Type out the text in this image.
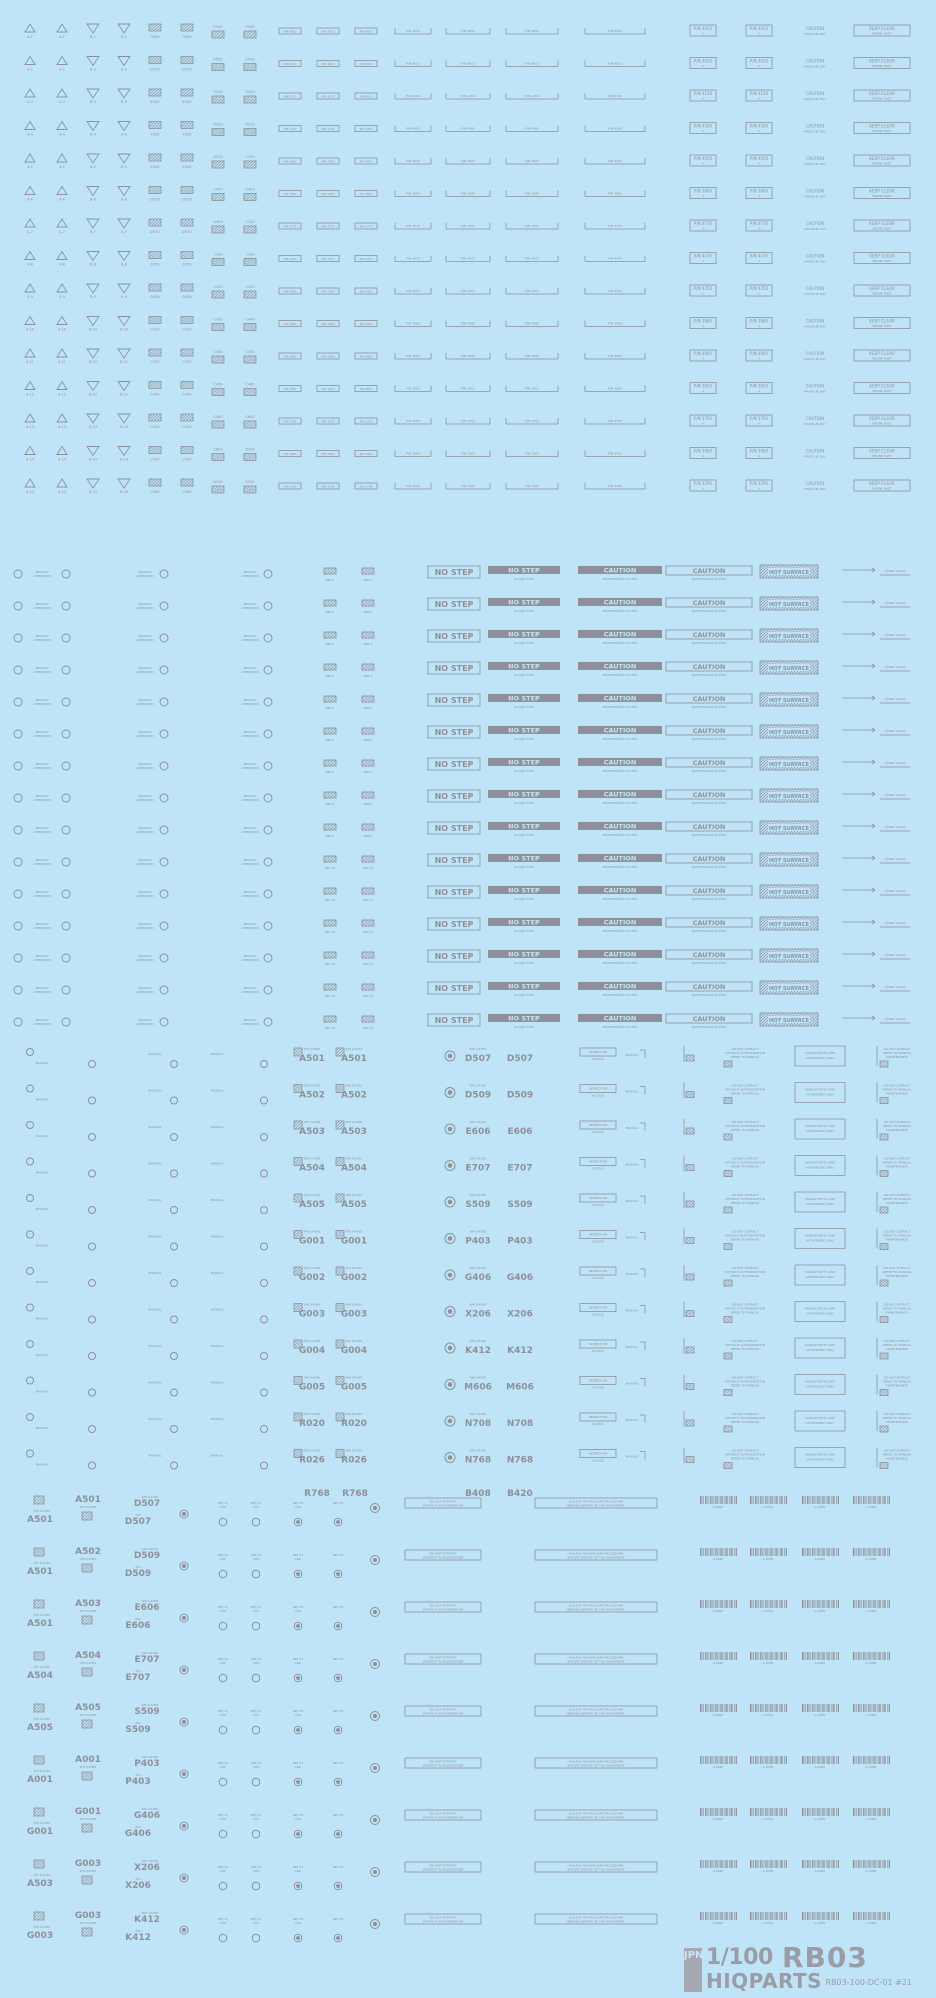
A-1	A-1	B-1	B-1	C600	C600
E520	F550
P/N 4050	P/N 4050	P/N 4050	P/N 4050	P/N 4050	P/N 4050	P/N 4050	P/N 4050
A
P/N 4050
A
CAUTION
MAIN ELEC BAY
KEEP CLEAR
ENGINE INLET
A-2	A-2	B-2	B-2	D530	D530
F550	E540
P/N 4010	P/N 4010	P/N 4010	P/N 4010	P/N 4010	P/N 4010	P/N 4010	P/N 4010
A
P/N 4010
A
CAUTION
MAIN ELEC BAY
KEEP CLEAR
ENGINE INLET
A-3	A-3	B-3	B-3	E520	E520
E540	D520
P/N 4150	P/N 4150	P/N 4150	P/N 4150	P/N 4150	P/N 4150	P/N 4150	P/N 4150
A
P/N 4150
A
CAUTION
MAIN ELEC BAY
KEEP CLEAR
ENGINE INLET
A-4	A-4	B-4	B-4	F550	F550
D520	D510
P/N 4300	P/N 4300	P/N 4300	P/N 4300	P/N 4300	P/N 4300	P/N 4300	P/N 4300
A
P/N 4300
A
CAUTION
MAIN ELEC BAY
KEEP CLEAR
ENGINE INLET
A-5	A-5	B-5	B-5	E540	E540
D510	C550
P/N 4020	P/N 4020	P/N 4020	P/N 4020	P/N 4020	P/N 4020	P/N 4020	P/N 4020
A
P/N 4020
A
CAUTION
MAIN ELEC BAY
KEEP CLEAR
ENGINE INLET
A-6	A-6	B-6	B-6	D520	D520
C550	D400
P/N 3800	P/N 3800	P/N 3800	P/N 3800	P/N 3800	P/N 3800	P/N 3800	P/N 3800
A
P/N 3800
A
CAUTION
MAIN ELEC BAY
KEEP CLEAR
ENGINE INLET
A-7	A-7	B-7	B-7	D510	D510
D400	C410
P/N 3770	P/N 3770	P/N 3770	P/N 3770	P/N 3770	P/N 3770	P/N 3770	P/N 3770
A
P/N 3770
A
CAUTION
MAIN ELEC BAY
KEEP CLEAR
ENGINE INLET
A-8	A-8	B-8	B-8	C550	C550
C410	C420
P/N 4470	P/N 4470	P/N 4470	P/N 4470	P/N 4470	P/N 4470	P/N 4470	P/N 4470
A
P/N 4470
A
CAUTION
MAIN ELEC BAY
KEEP CLEAR
ENGINE INLET
A-9	A-9	B-9	B-9	D400	D400
C420	C430
P/N 4350	P/N 4350	P/N 4350	P/N 4350	P/N 4350	P/N 4350	P/N 4350	P/N 4350
A
P/N 4350
A
CAUTION
MAIN ELEC BAY
KEEP CLEAR
ENGINE INLET
A-10	A-10	B-10	B-10	C410	C410
C430	C440
P/N 3980	P/N 3980	P/N 3980	P/N 3980	P/N 3980	P/N 3980	P/N 3980	P/N 3980
A
P/N 3980
A
CAUTION
MAIN ELEC BAY
KEEP CLEAR
ENGINE INLET
A-11	A-11	B-11	B-11	C420	C420
C440	C450
P/N 4060	P/N 4060	P/N 4060	P/N 4060	P/N 4060	P/N 4060	P/N 4060	P/N 4060
A
P/N 4060
A
CAUTION
MAIN ELEC BAY
KEEP CLEAR
ENGINE INLET
A-12	A-12	B-12	B-12	C430	C430
C450	C460
P/N 3850	P/N 3850	P/N 3850	P/N 3850	P/N 3850	P/N 3850	P/N 3850	P/N 3850
A
P/N 3850
A
CAUTION
MAIN ELEC BAY
KEEP CLEAR
ENGINE INLET
A-13	A-13	B-13	B-13	C440	C440
C460	C600
P/N 3750	P/N 3750	P/N 3750	P/N 3750	P/N 3750	P/N 3750	P/N 3750	P/N 3750
A
P/N 3750
A
CAUTION
MAIN ELEC BAY
KEEP CLEAR
ENGINE INLET
A-14	A-14	B-14	B-14	C450	C450
C600	D530
P/N 3960	P/N 3960	P/N 3960	P/N 3960	P/N 3960	P/N 3960	P/N 3960	P/N 3960
A
P/N 3960
A
CAUTION
MAIN ELEC BAY
KEEP CLEAR
ENGINE INLET
A-15	A-15	B-15	B-15	C460	C460
D530	E520
P/N 3790	P/N 3790	P/N 3790	P/N 3790	P/N 3790	P/N 3790	P/N 3790	P/N 3790
A
P/N 3790
A
CAUTION
MAIN ELEC BAY
KEEP CLEAR
ENGINE INLET
MANUAL
OPERATION
MANUAL
OPERATION
MANUAL
OPERATION
REF-1	REF-1
NO STEP	NO STEP
DO NOT STEP
CAUTION
MAINTENANCE ACCESS
CAUTION
MAINTENANCE ACCESS
HOT SURFACE	STAND CLEAR
MANUAL
OPERATION
MANUAL
OPERATION
MANUAL
OPERATION
REF-2	REF-2
NO STEP	NO STEP
DO NOT STEP
CAUTION
MAINTENANCE ACCESS
CAUTION
MAINTENANCE ACCESS
HOT SURFACE	STAND CLEAR
MANUAL
OPERATION
MANUAL
OPERATION
MANUAL
OPERATION
REF-3	REF-3
NO STEP	NO STEP
DO NOT STEP
CAUTION
MAINTENANCE ACCESS
CAUTION
MAINTENANCE ACCESS
HOT SURFACE	STAND CLEAR
MANUAL
OPERATION
MANUAL
OPERATION
MANUAL
OPERATION
REF-4	REF-4
NO STEP	NO STEP
DO NOT STEP
CAUTION
MAINTENANCE ACCESS
CAUTION
MAINTENANCE ACCESS
HOT SURFACE	STAND CLEAR
MANUAL
OPERATION
MANUAL
OPERATION
MANUAL
OPERATION
REF-5	REF-5
NO STEP	NO STEP
DO NOT STEP
CAUTION
MAINTENANCE ACCESS
CAUTION
MAINTENANCE ACCESS
HOT SURFACE	STAND CLEAR
MANUAL
OPERATION
MANUAL
OPERATION
MANUAL
OPERATION
REF-6	REF-6
NO STEP	NO STEP
DO NOT STEP
CAUTION
MAINTENANCE ACCESS
CAUTION
MAINTENANCE ACCESS
HOT SURFACE	STAND CLEAR
MANUAL
OPERATION
MANUAL
OPERATION
MANUAL
OPERATION
REF-7	REF-7
NO STEP	NO STEP
DO NOT STEP
CAUTION
MAINTENANCE ACCESS
CAUTION
MAINTENANCE ACCESS
HOT SURFACE	STAND CLEAR
MANUAL
OPERATION
MANUAL
OPERATION
MANUAL
OPERATION
REF-8	REF-8
NO STEP	NO STEP
DO NOT STEP
CAUTION
MAINTENANCE ACCESS
CAUTION
MAINTENANCE ACCESS
HOT SURFACE	STAND CLEAR
MANUAL
OPERATION
MANUAL
OPERATION
MANUAL
OPERATION
REF-9	REF-9
NO STEP	NO STEP
DO NOT STEP
CAUTION
MAINTENANCE ACCESS
CAUTION
MAINTENANCE ACCESS
HOT SURFACE	STAND CLEAR
MANUAL
OPERATION
MANUAL
OPERATION
MANUAL
OPERATION
REF-10	REF-10
NO STEP	NO STEP
DO NOT STEP
CAUTION
MAINTENANCE ACCESS
CAUTION
MAINTENANCE ACCESS
HOT SURFACE	STAND CLEAR
MANUAL
OPERATION
MANUAL
OPERATION
MANUAL
OPERATION
REF-11	REF-11
NO STEP	NO STEP
DO NOT STEP
CAUTION
MAINTENANCE ACCESS
CAUTION
MAINTENANCE ACCESS
HOT SURFACE	STAND CLEAR
MANUAL
OPERATION
MANUAL
OPERATION
MANUAL
OPERATION
REF-12	REF-12
NO STEP	NO STEP
DO NOT STEP
CAUTION
MAINTENANCE ACCESS
CAUTION
MAINTENANCE ACCESS
HOT SURFACE	STAND CLEAR
MANUAL
OPERATION
MANUAL
OPERATION
MANUAL
OPERATION
REF-13	REF-13
NO STEP	NO STEP
DO NOT STEP
CAUTION
MAINTENANCE ACCESS
CAUTION
MAINTENANCE ACCESS
HOT SURFACE	STAND CLEAR
MANUAL
OPERATION
MANUAL
OPERATION
MANUAL
OPERATION
REF-14	REF-14
NO STEP	NO STEP
DO NOT STEP
CAUTION
MAINTENANCE ACCESS
CAUTION
MAINTENANCE ACCESS
HOT SURFACE	STAND CLEAR
MANUAL
OPERATION
MANUAL
OPERATION
MANUAL
OPERATION
REF-15	REF-15
NO STEP	NO STEP
DO NOT STEP
CAUTION
MAINTENANCE ACCESS
CAUTION
MAINTENANCE ACCESS
HOT SURFACE	STAND CLEAR
MANUAL
MANUAL	MANUAL
P/N 0-4050
A501
P/N 0-4050
A501
P/N 0-4050
D507 D507
INSPECTION
ACCESS
MANUAL
DO NOT EXTRACT
WITHOUT AUTHORIZATION
REFER TO MANUAL
HANDLE WITH CARE
AUTHORIZED ONLY
DO NOT EXTRACT
REFER TO MANUAL
MAINTENANCE
MANUAL
MANUAL	MANUAL
P/N 0-4050
A502
P/N 0-4050
A502
P/N 0-4050
D509 D509
INSPECTION
ACCESS
MANUAL
DO NOT EXTRACT
WITHOUT AUTHORIZATION
REFER TO MANUAL
HANDLE WITH CARE
AUTHORIZED ONLY
DO NOT EXTRACT
REFER TO MANUAL
MAINTENANCE
MANUAL
MANUAL	MANUAL
P/N 0-4050
A503
P/N 0-4050
A503
P/N 0-4050
E606 E606
INSPECTION
ACCESS
MANUAL
DO NOT EXTRACT
WITHOUT AUTHORIZATION
REFER TO MANUAL
HANDLE WITH CARE
AUTHORIZED ONLY
DO NOT EXTRACT
REFER TO MANUAL
MAINTENANCE
MANUAL
MANUAL	MANUAL
P/N 0-4050
A504
P/N 0-4050
A504
P/N 0-4050
E707 E707
INSPECTION
ACCESS
MANUAL
DO NOT EXTRACT
WITHOUT AUTHORIZATION
REFER TO MANUAL
HANDLE WITH CARE
AUTHORIZED ONLY
DO NOT EXTRACT
REFER TO MANUAL
MAINTENANCE
MANUAL
MANUAL	MANUAL
P/N 0-4050
A505
P/N 0-4050
A505
P/N 0-4050
S509 S509
INSPECTION
ACCESS
MANUAL
DO NOT EXTRACT
WITHOUT AUTHORIZATION
REFER TO MANUAL
HANDLE WITH CARE
AUTHORIZED ONLY
DO NOT EXTRACT
REFER TO MANUAL
MAINTENANCE
MANUAL
MANUAL	MANUAL
P/N 0-4050
G001
P/N 0-4050
G001
P/N 0-4050
P403 P403
INSPECTION
ACCESS
MANUAL
DO NOT EXTRACT
WITHOUT AUTHORIZATION
REFER TO MANUAL
HANDLE WITH CARE
AUTHORIZED ONLY
DO NOT EXTRACT
REFER TO MANUAL
MAINTENANCE
MANUAL
MANUAL	MANUAL
P/N 0-4050
G002
P/N 0-4050
G002
P/N 0-4050
G406 G406
INSPECTION
ACCESS
MANUAL
DO NOT EXTRACT
WITHOUT AUTHORIZATION
REFER TO MANUAL
HANDLE WITH CARE
AUTHORIZED ONLY
DO NOT EXTRACT
REFER TO MANUAL
MAINTENANCE
MANUAL
MANUAL	MANUAL
P/N 0-4050
G003
P/N 0-4050
G003
P/N 0-4050
X206 X206
INSPECTION
ACCESS
MANUAL
DO NOT EXTRACT
WITHOUT AUTHORIZATION
REFER TO MANUAL
HANDLE WITH CARE
AUTHORIZED ONLY
DO NOT EXTRACT
REFER TO MANUAL
MAINTENANCE
MANUAL
MANUAL	MANUAL
P/N 0-4050
G004
P/N 0-4050
G004
P/N 0-4050
K412 K412
INSPECTION
ACCESS
MANUAL
DO NOT EXTRACT
WITHOUT AUTHORIZATION
REFER TO MANUAL
HANDLE WITH CARE
AUTHORIZED ONLY
DO NOT EXTRACT
REFER TO MANUAL
MAINTENANCE
MANUAL
MANUAL	MANUAL
P/N 0-4050
G005
P/N 0-4050
G005
P/N 0-4050
M606 M606
INSPECTION
ACCESS
MANUAL
DO NOT EXTRACT
WITHOUT AUTHORIZATION
REFER TO MANUAL
HANDLE WITH CARE
AUTHORIZED ONLY
DO NOT EXTRACT
REFER TO MANUAL
MAINTENANCE
MANUAL
MANUAL	MANUAL
P/N 0-4050
R020
P/N 0-4050
R020
P/N 0-4050
N708 N708
INSPECTION
ACCESS
MANUAL
DO NOT EXTRACT
WITHOUT AUTHORIZATION
REFER TO MANUAL
HANDLE WITH CARE
AUTHORIZED ONLY
DO NOT EXTRACT
REFER TO MANUAL
MAINTENANCE
MANUAL
MANUAL	MANUAL
P/N 0-4050
R026
P/N 0-4050
R026
P/N 0-4050
N768 N768
INSPECTION
ACCESS
MANUAL
DO NOT EXTRACT
WITHOUT AUTHORIZATION
REFER TO MANUAL
HANDLE WITH CARE
AUTHORIZED ONLY
DO NOT EXTRACT
REFER TO MANUAL
MAINTENANCE
R768 R768	B408 B420
P/N 0-4050
A501
A501
P/N 0-4050
P/N 0-4050
D507
P/N
D507
REF 23
CHK
REF 23
CHK
REF 23
CHK
REF 23	DO NOT EXTRACT
WITHOUT AUTHORIZATION
FOLLOW THE REGULAR PROCEDURE
BEFORE SERVICE OF THIS EQUIPMENT	A-0050	A-0050	A-0050	A-0050
P/N 0-4050
A501
A502
P/N 0-4050
P/N 0-4050
D509
P/N
D509
REF 23
CHK
REF 23
CHK
REF 23
CHK
REF 23	DO NOT EXTRACT
WITHOUT AUTHORIZATION
FOLLOW THE REGULAR PROCEDURE
BEFORE SERVICE OF THIS EQUIPMENT	A-0050	A-0050	A-0050	A-0050
P/N 0-4050
A501
A503
P/N 0-4050
P/N 0-4050
E606
P/N
E606
REF 23
CHK
REF 23
CHK
REF 23
CHK
REF 23	DO NOT EXTRACT
WITHOUT AUTHORIZATION
FOLLOW THE REGULAR PROCEDURE
BEFORE SERVICE OF THIS EQUIPMENT	A-0050	A-0050	A-0050	A-0050
P/N 0-4050
A504
A504
P/N 0-4050
P/N 0-4050
E707
P/N
E707
REF 23
CHK
REF 23
CHK
REF 23
CHK
REF 23	DO NOT EXTRACT
WITHOUT AUTHORIZATION
FOLLOW THE REGULAR PROCEDURE
BEFORE SERVICE OF THIS EQUIPMENT	A-0050	A-0050	A-0050	A-0050
P/N 0-4050
A505
A505
P/N 0-4050
P/N 0-4050
S509
P/N
S509
REF 23
CHK
REF 23
CHK
REF 23
CHK
REF 23	DO NOT EXTRACT
WITHOUT AUTHORIZATION
FOLLOW THE REGULAR PROCEDURE
BEFORE SERVICE OF THIS EQUIPMENT	A-0050	A-0050	A-0050	A-0050
P/N 0-4050
A001
A001
P/N 0-4050
P/N 0-4050
P403
P/N
P403
REF 23
CHK
REF 23
CHK
REF 23
CHK
REF 23	DO NOT EXTRACT
WITHOUT AUTHORIZATION
FOLLOW THE REGULAR PROCEDURE
BEFORE SERVICE OF THIS EQUIPMENT	A-0050	A-0050	A-0050	A-0050
P/N 0-4050
G001
G001
P/N 0-4050
P/N 0-4050
G406
P/N
G406
REF 23
CHK
REF 23
CHK
REF 23
CHK
REF 23	DO NOT EXTRACT
WITHOUT AUTHORIZATION
FOLLOW THE REGULAR PROCEDURE
BEFORE SERVICE OF THIS EQUIPMENT	A-0050	A-0050	A-0050	A-0050
P/N 0-4050
A503
G003
P/N 0-4050
P/N 0-4050
X206
P/N
X206
REF 23
CHK
REF 23
CHK
REF 23
CHK
REF 23	DO NOT EXTRACT
WITHOUT AUTHORIZATION
FOLLOW THE REGULAR PROCEDURE
BEFORE SERVICE OF THIS EQUIPMENT	A-0050	A-0050	A-0050	A-0050
P/N 0-4050
G003
G003
P/N 0-4050
P/N 0-4050
K412
P/N
K412
REF 23
CHK
REF 23
CHK
REF 23
CHK
REF 23	DO NOT EXTRACT
WITHOUT AUTHORIZATION
FOLLOW THE REGULAR PROCEDURE
BEFORE SERVICE OF THIS EQUIPMENT	A-0050	A-0050	A-0050	A-0050
JPN 1/100 RB03
HIQPARTS RB03-100-DC-01 #21
